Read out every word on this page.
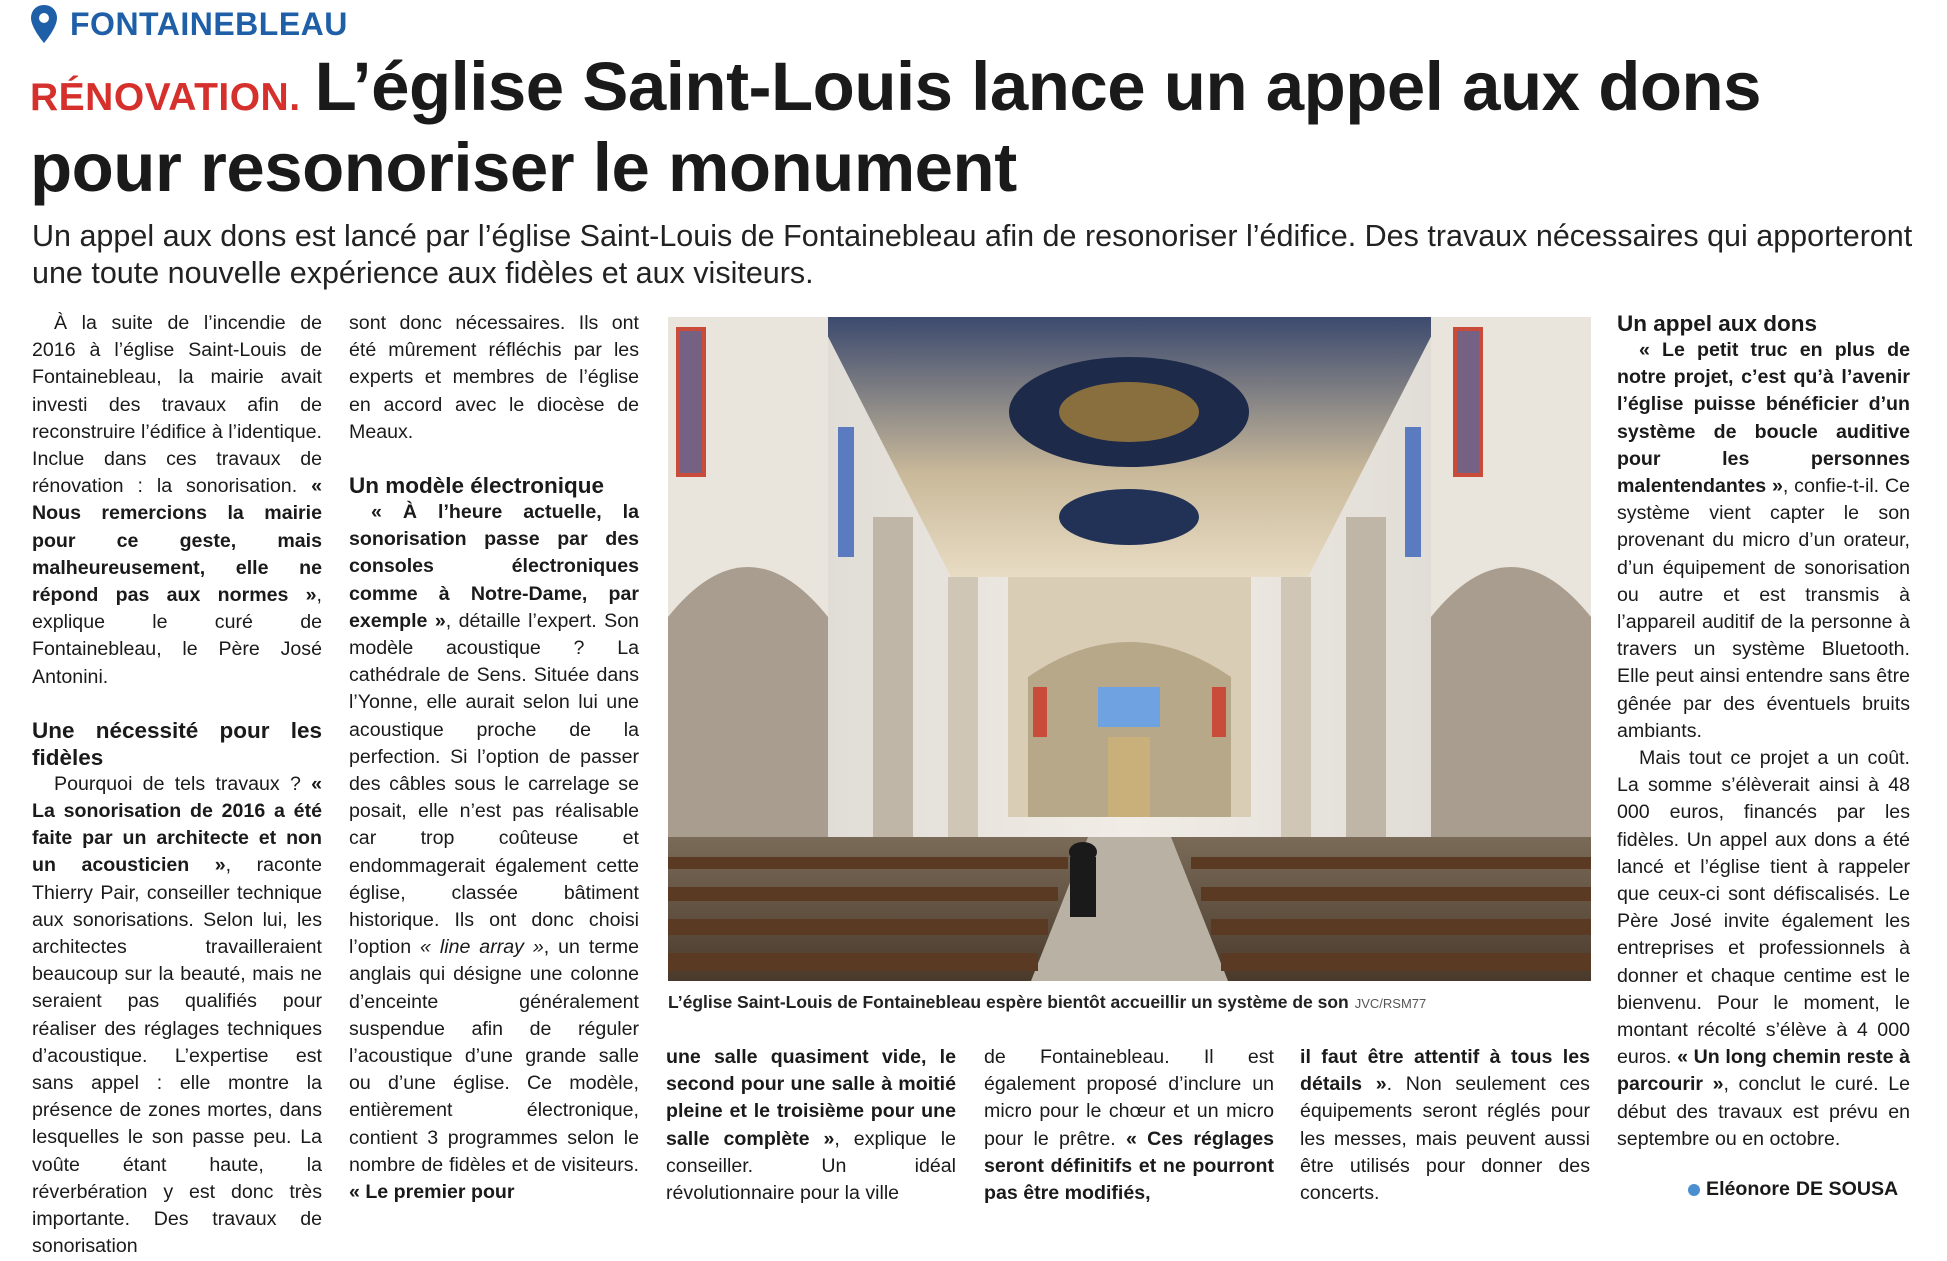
FONTAINEBLEAU
RÉNOVATION. L’église Saint-Louis lance un appel aux dons pour resonoriser le monument
Un appel aux dons est lancé par l’église Saint-Louis de Fontainebleau afin de resonoriser l’édifice. Des travaux nécessaires qui apporteront une toute nouvelle expérience aux fidèles et aux visiteurs.

À la suite de l’incendie de 2016 à l’église Saint-Louis de Fontainebleau, la mairie avait investi des travaux afin de reconstruire l’édifice à l’identique. Inclue dans ces travaux de rénovation : la sonorisation. « Nous remercions la mairie pour ce geste, mais malheureusement, elle ne répond pas aux normes », explique le curé de Fontainebleau, le Père José Antonini.

Une nécessité pour les fidèles

Pourquoi de tels travaux ? « La sonorisation de 2016 a été faite par un architecte et non un acousticien », raconte Thierry Pair, conseiller technique aux sonorisations. Selon lui, les architectes travailleraient beaucoup sur la beauté, mais ne seraient pas qualifiés pour réaliser des réglages techniques d’acoustique. L’expertise est sans appel : elle montre la présence de zones mortes, dans lesquelles le son passe peu. La voûte étant haute, la réverbération y est donc très importante. Des travaux de sonorisation

sont donc nécessaires. Ils ont été mûrement réfléchis par les experts et membres de l’église en accord avec le diocèse de Meaux.

Un modèle électronique

« À l’heure actuelle, la sonorisation passe par des consoles électroniques comme à Notre-Dame, par exemple », détaille l’expert. Son modèle acoustique ? La cathédrale de Sens. Située dans l’Yonne, elle aurait selon lui une acoustique proche de la perfection. Si l’option de passer des câbles sous le carrelage se posait, elle n’est pas réalisable car trop coûteuse et endommagerait également cette église, classée bâtiment historique. Ils ont donc choisi l’option « line array », un terme anglais qui désigne une colonne d’enceinte généralement suspendue afin de réguler l’acoustique d’une grande salle ou d’une église. Ce modèle, entièrement électronique, contient 3 programmes selon le nombre de fidèles et de visiteurs. « Le premier pour

L’église Saint-Louis de Fontainebleau espère bientôt accueillir un système de son JVC/RSM77

une salle quasiment vide, le second pour une salle à moitié pleine et le troisième pour une salle complète », explique le conseiller. Un idéal révolutionnaire pour la ville

de Fontainebleau. Il est également proposé d’inclure un micro pour le chœur et un micro pour le prêtre. « Ces réglages seront définitifs et ne pourront pas être modifiés,

il faut être attentif à tous les détails ». Non seulement ces équipements seront réglés pour les messes, mais peuvent aussi être utilisés pour donner des concerts.

Un appel aux dons

« Le petit truc en plus de notre projet, c’est qu’à l’avenir l’église puisse bénéficier d’un système de boucle auditive pour les personnes malentendantes », confie-t-il. Ce système vient capter le son provenant du micro d’un orateur, d’un équipement de sonorisation ou autre et est transmis à l’appareil auditif de la personne à travers un système Bluetooth. Elle peut ainsi entendre sans être gênée par des éventuels bruits ambiants.

Mais tout ce projet a un coût. La somme s’élèverait ainsi à 48 000 euros, financés par les fidèles. Un appel aux dons a été lancé et l’église tient à rappeler que ceux-ci sont défiscalisés. Le Père José invite également les entreprises et professionnels à donner et chaque centime est le bienvenu. Pour le moment, le montant récolté s’élève à 4 000 euros. « Un long chemin reste à parcourir », conclut le curé. Le début des travaux est prévu en septembre ou en octobre.

Eléonore DE SOUSA
